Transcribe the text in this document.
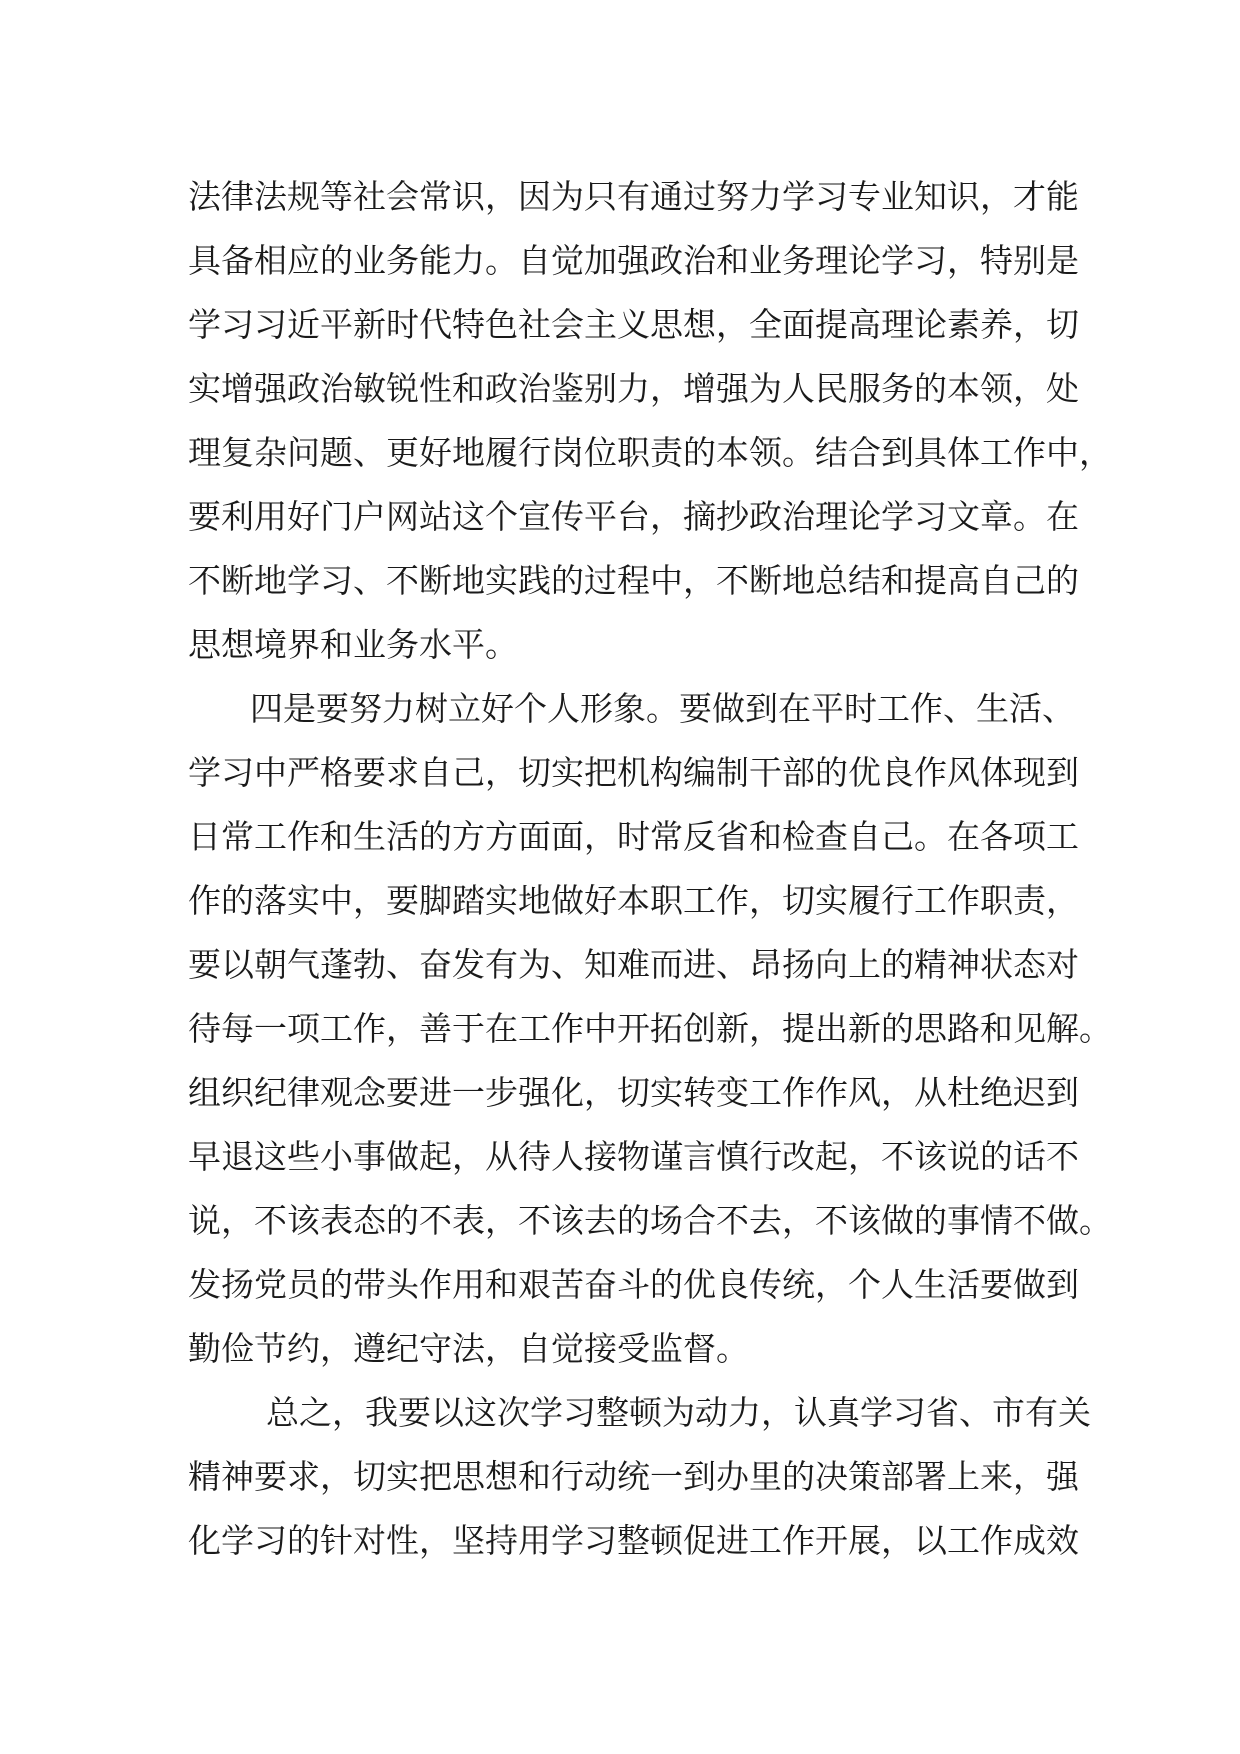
法律法规等社会常识，因为只有通过努力学习专业知识，才能
具备相应的业务能力。自觉加强政治和业务理论学习，特别是
学习习近平新时代特色社会主义思想，全面提高理论素养，切
实增强政治敏锐性和政治鉴别力，增强为人民服务的本领，处
理复杂问题、更好地履行岗位职责的本领。结合到具体工作中，
要利用好门户网站这个宣传平台，摘抄政治理论学习文章。在
不断地学习、不断地实践的过程中，不断地总结和提高自己的
思想境界和业务水平。
四是要努力树立好个人形象。要做到在平时工作、生活、
学习中严格要求自己，切实把机构编制干部的优良作风体现到
日常工作和生活的方方面面，时常反省和检查自己。在各项工
作的落实中，要脚踏实地做好本职工作，切实履行工作职责，
要以朝气蓬勃、奋发有为、知难而进、昂扬向上的精神状态对
待每一项工作，善于在工作中开拓创新，提出新的思路和见解。
组织纪律观念要进一步强化，切实转变工作作风，从杜绝迟到
早退这些小事做起，从待人接物谨言慎行改起，不该说的话不
说，不该表态的不表，不该去的场合不去，不该做的事情不做。
发扬党员的带头作用和艰苦奋斗的优良传统，个人生活要做到
勤俭节约，遵纪守法，自觉接受监督。
总之，我要以这次学习整顿为动力，认真学习省、市有关
精神要求，切实把思想和行动统一到办里的决策部署上来，强
化学习的针对性，坚持用学习整顿促进工作开展，以工作成效
